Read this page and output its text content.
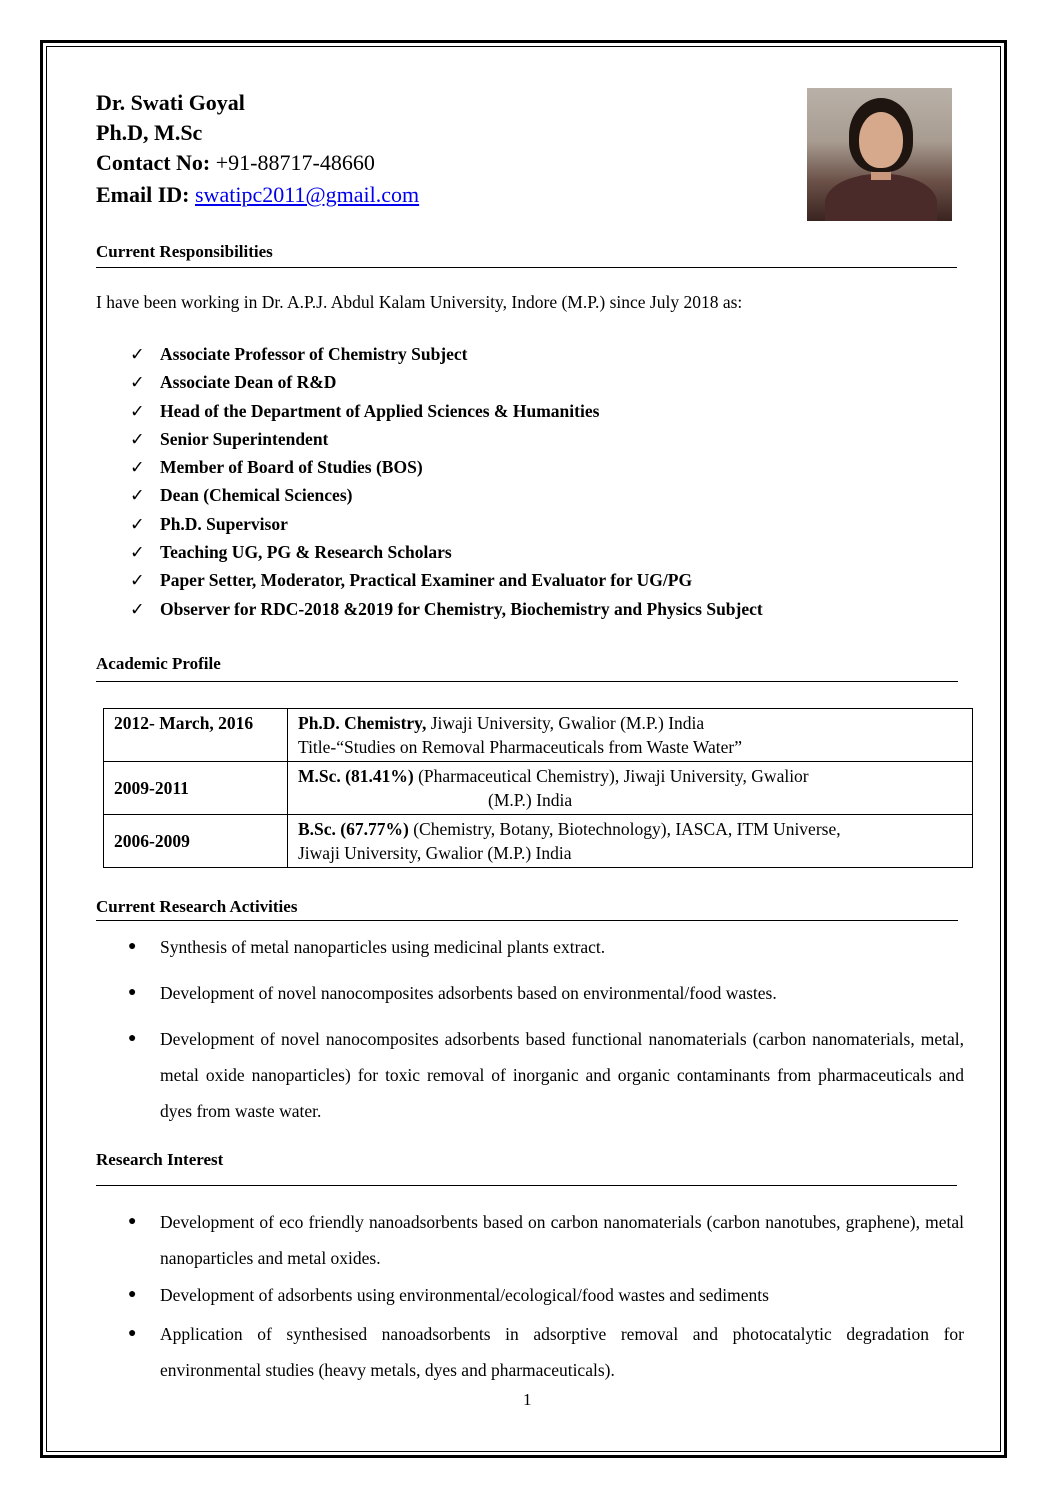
Dr. Swati Goyal
Ph.D, M.Sc
Contact No: +91-88717-48660
Email ID: swatipc2011@gmail.com
Current Responsibilities
I have been working in Dr. A.P.J. Abdul Kalam University, Indore (M.P.) since July 2018 as:
✓ Associate Professor of Chemistry Subject
✓ Associate Dean of R&D
✓ Head of the Department of Applied Sciences & Humanities
✓ Senior Superintendent
✓ Member of Board of Studies (BOS)
✓ Dean (Chemical Sciences)
✓ Ph.D. Supervisor
✓ Teaching UG, PG & Research Scholars
✓ Paper Setter, Moderator, Practical Examiner and Evaluator for UG/PG
✓ Observer for RDC-2018 &2019 for Chemistry, Biochemistry and Physics Subject
Academic Profile
2012- March, 2016	Ph.D. Chemistry, Jiwaji University, Gwalior (M.P.) India
Title-“Studies on Removal Pharmaceuticals from Waste Water”
2009-2011	M.Sc. (81.41%) (Pharmaceutical Chemistry), Jiwaji University, Gwalior
(M.P.) India
2006-2009	B.Sc. (67.77%) (Chemistry, Botany, Biotechnology), IASCA, ITM Universe,
Jiwaji University, Gwalior (M.P.) India
Current Research Activities
●	Synthesis of metal nanoparticles using medicinal plants extract.
●	Development of novel nanocomposites adsorbents based on environmental/food wastes.
●	Development of novel nanocomposites adsorbents based functional nanomaterials (carbon nanomaterials, metal, metal oxide nanoparticles) for toxic removal of inorganic and organic contaminants from pharmaceuticals and dyes from waste water.
Research Interest
●	Development of eco friendly nanoadsorbents based on carbon nanomaterials (carbon nanotubes, graphene), metal nanoparticles and metal oxides.
●	Development of adsorbents using environmental/ecological/food wastes and sediments
●	Application of synthesised nanoadsorbents in adsorptive removal and photocatalytic degradation for environmental studies (heavy metals, dyes and pharmaceuticals).
1
